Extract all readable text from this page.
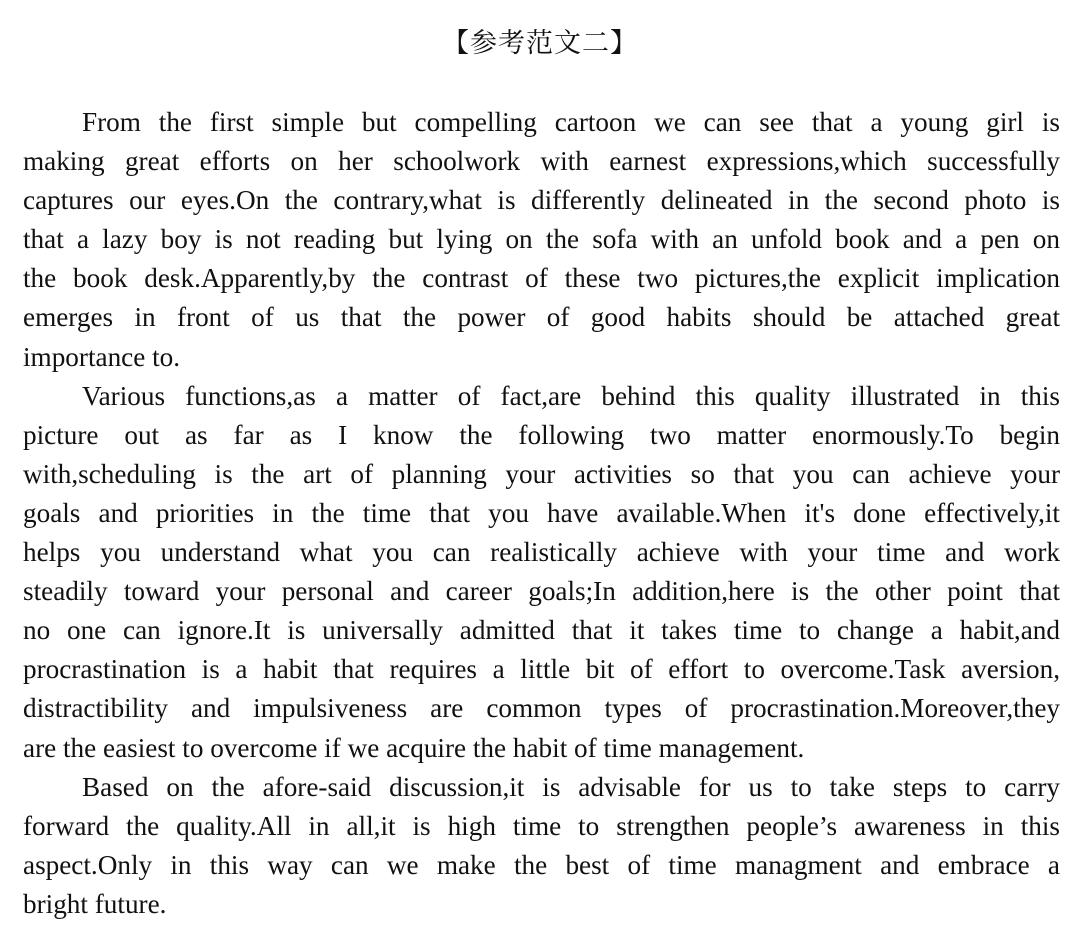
【参考范文二】
From the first simple but compelling cartoon we can see that a young girl is
making great efforts on her schoolwork with earnest expressions,which successfully
captures our eyes.On the contrary,what is differently delineated in the second photo is
that a lazy boy is not reading but lying on the sofa with an unfold book and a pen on
the book desk.Apparently,by the contrast of these two pictures,the explicit implication
emerges in front of us that the power of good habits should be attached great
importance to.
Various functions,as a matter of fact,are behind this quality illustrated in this
picture out as far as I know the following two matter enormously.To begin
with,scheduling is the art of planning your activities so that you can achieve your
goals and priorities in the time that you have available.When it's done effectively,it
helps you understand what you can realistically achieve with your time and work
steadily toward your personal and career goals;In addition,here is the other point that
no one can ignore.It is universally admitted that it takes time to change a habit,and
procrastination is a habit that requires a little bit of effort to overcome.Task aversion,
distractibility and impulsiveness are common types of procrastination.Moreover,they
are the easiest to overcome if we acquire the habit of time management.
Based on the afore-said discussion,it is advisable for us to take steps to carry
forward the quality.All in all,it is high time to strengthen people’s awareness in this
aspect.Only in this way can we make the best of time managment and embrace a
bright future.
